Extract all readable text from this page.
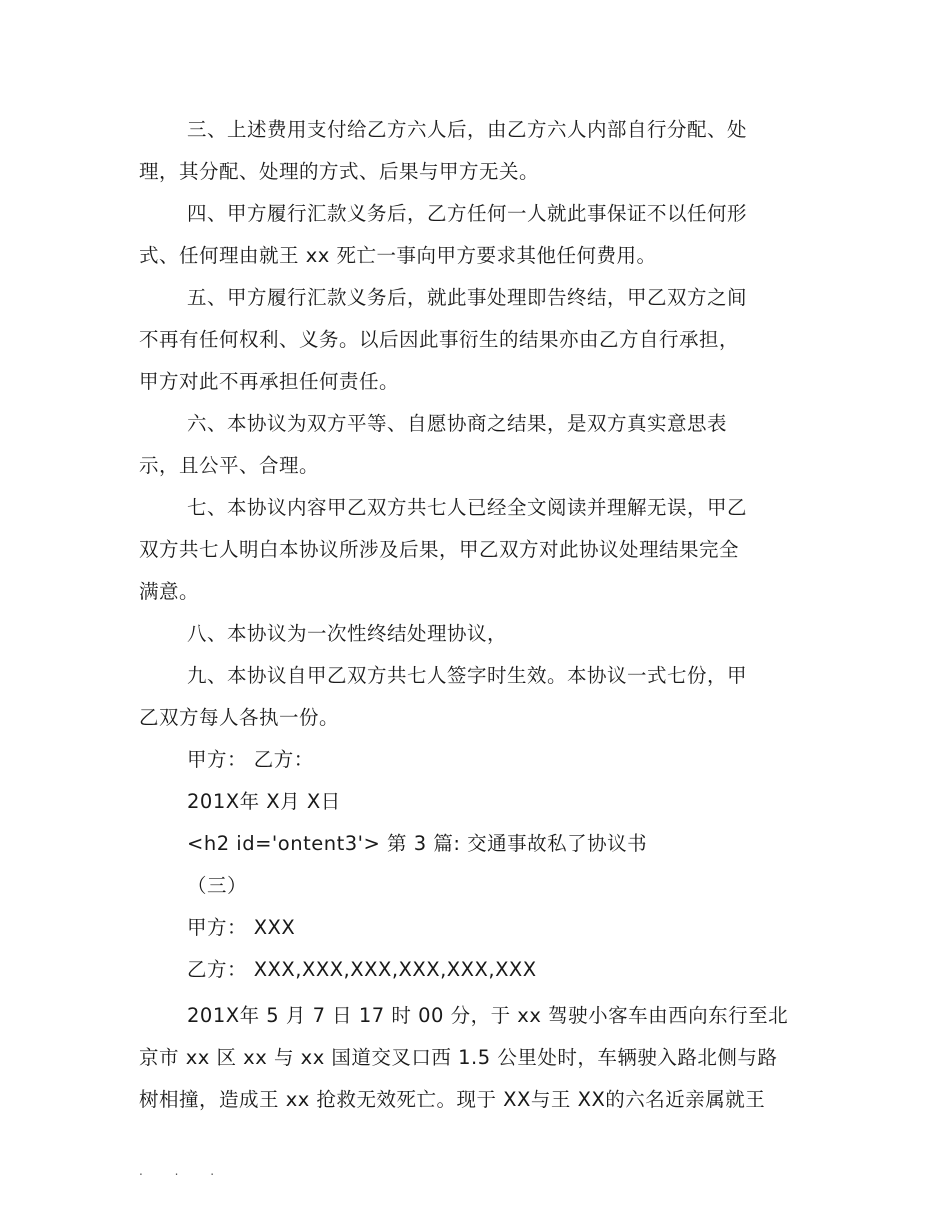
三、上述费用支付给乙方六人后，由乙方六人内部自行分配、处
理，其分配、处理的方式、后果与甲方无关。
四、甲方履行汇款义务后，乙方任何一人就此事保证不以任何形
式、任何理由就王 xx 死亡一事向甲方要求其他任何费用。
五、甲方履行汇款义务后，就此事处理即告终结，甲乙双方之间
不再有任何权利、义务。以后因此事衍生的结果亦由乙方自行承担，
甲方对此不再承担任何责任。
六、本协议为双方平等、自愿协商之结果，是双方真实意思表
示，且公平、合理。
七、本协议内容甲乙双方共七人已经全文阅读并理解无误，甲乙
双方共七人明白本协议所涉及后果，甲乙双方对此协议处理结果完全
满意。
八、本协议为一次性终结处理协议，
九、本协议自甲乙双方共七人签字时生效。本协议一式七份，甲
乙双方每人各执一份。
甲方： 乙方：
201X年 X月 X日
<h2 id='ontent3'> 第 3 篇: 交通事故私了协议书
（三）
甲方： XXX
乙方： XXX,XXX,XXX,XXX,XXX,XXX
201X年 5 月 7 日 17 时 00 分，于 xx 驾驶小客车由西向东行至北
京市 xx 区 xx 与 xx 国道交叉口西 1.5 公里处时，车辆驶入路北侧与路
树相撞，造成王 xx 抢救无效死亡。现于 XX与王 XX的六名近亲属就王
. . .
